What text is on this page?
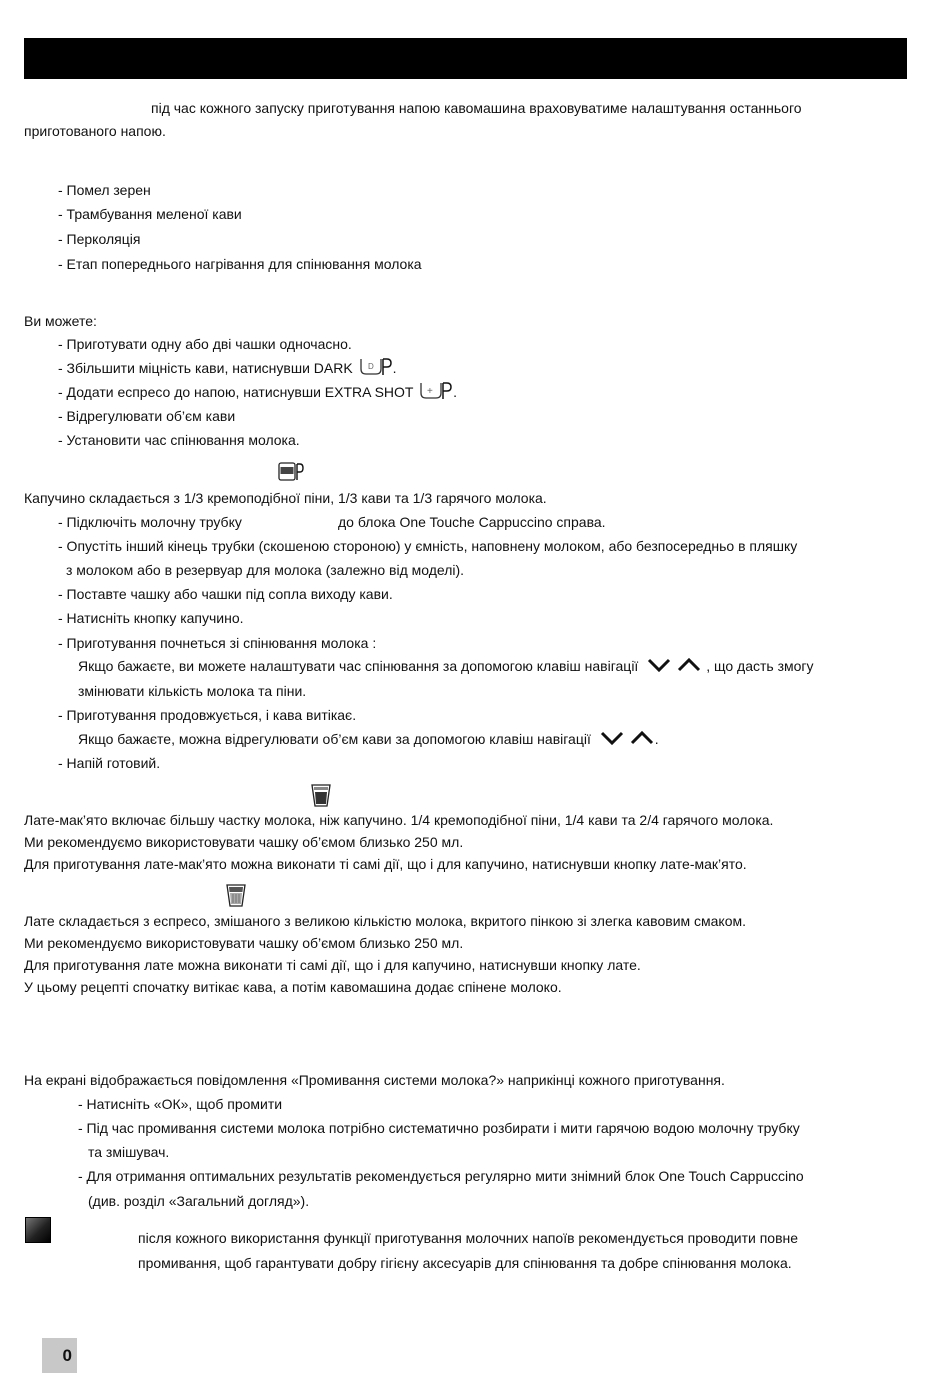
під час кожного запуску приготування напою кавомашина враховуватиме налаштування останнього
приготованого напою.
- Помел зерен
- Трамбування меленої кави
- Перколяція
- Етап попереднього нагрівання для спінювання молока
Ви можете:
- Приготувати одну або дві чашки одночасно.
- Збільшити міцність кави, натиснувши DARK D .
- Додати еспресо до напою, натиснувши EXTRA SHOT + .
- Відрегулювати об’єм кави
- Установити час спінювання молока.
Капучино складається з 1/3 кремоподібної піни, 1/3 кави та 1/3 гарячого молока.
- Підключіть молочну трубку	до блока One Touche Cappuccino справа.
- Опустіть інший кінець трубки (скошеною стороною) у ємність, наповнену молоком, або безпосередньо в пляшку
з молоком або в резервуар для молока (залежно від моделі).
- Поставте чашку або чашки під сопла виходу кави.
- Натисніть кнопку капучино.
- Приготування почнеться зі спінювання молока :
Якщо бажаєте, ви можете налаштувати час спінювання за допомогою клавіш навігації	, що дасть змогу
змінювати кількість молока та піни.
- Приготування продовжується, і кава витікає.
Якщо бажаєте, можна відрегулювати об’єм кави за допомогою клавіш навігації	.
- Напій готовий.
Лате-мак’ято включає більшу частку молока, ніж капучино. 1/4 кремоподібної піни, 1/4 кави та 2/4 гарячого молока.
Ми рекомендуємо використовувати чашку об’ємом близько 250 мл.
Для приготування лате-мак’ято можна виконати ті самі дії, що і для капучино, натиснувши кнопку лате-мак’ято.
Лате складається з еспресо, змішаного з великою кількістю молока, вкритого пінкою зі злегка кавовим смаком.
Ми рекомендуємо використовувати чашку об’ємом близько 250 мл.
Для приготування лате можна виконати ті самі дії, що і для капучино, натиснувши кнопку лате.
У цьому рецепті спочатку витікає кава, а потім кавомашина додає спінене молоко.
На екрані відображається повідомлення «Промивання системи молока?» наприкінці кожного приготування.
- Натисніть «ОК», щоб промити
- Під час промивання системи молока потрібно систематично розбирати і мити гарячою водою молочну трубку
та змішувач.
- Для отримання оптимальних результатів рекомендується регулярно мити знімний блок One Touch Cappuccino
(див. розділ «Загальний догляд»).
після кожного використання функції приготування молочних напоїв рекомендується проводити повне
промивання, щоб гарантувати добру гігієну аксесуарів для спінювання та добре спінювання молока.
0
